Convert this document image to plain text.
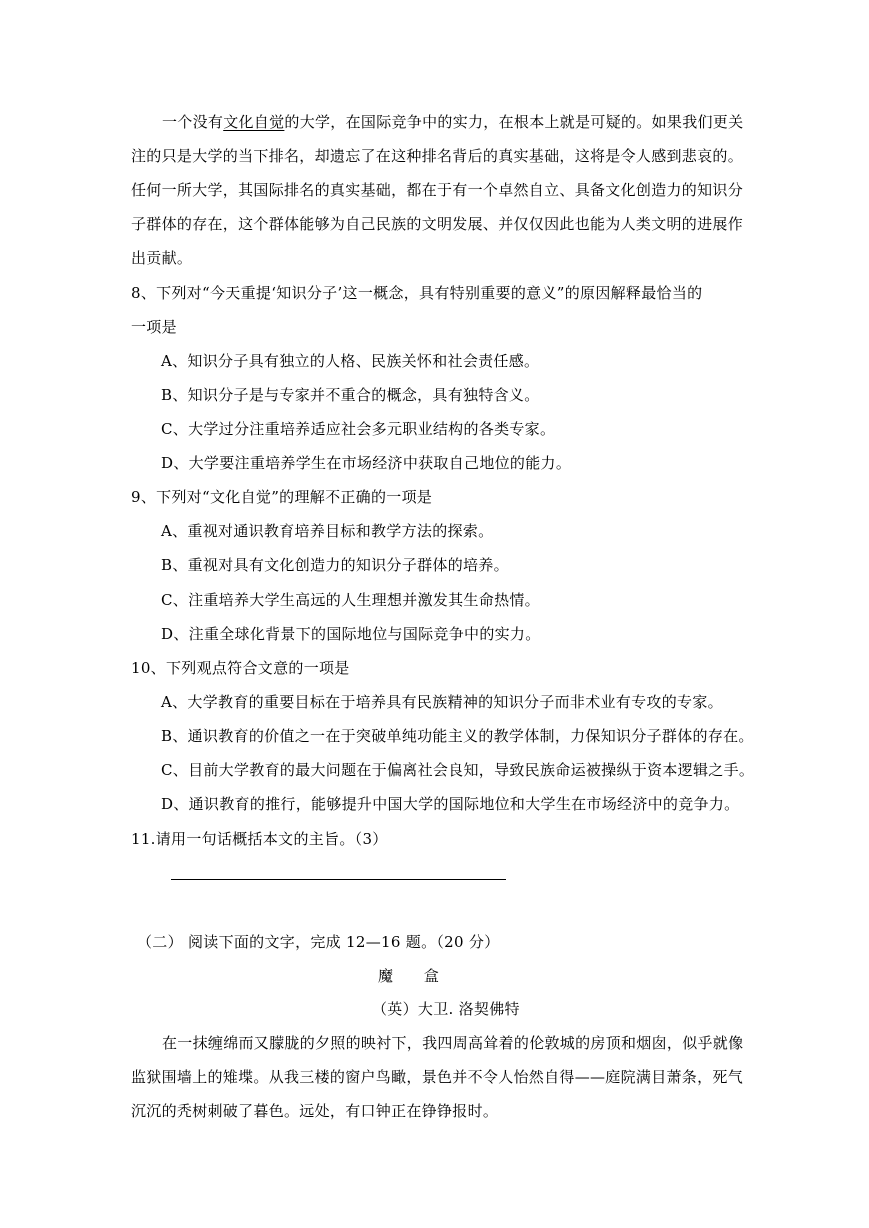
一个没有文化自觉的大学，在国际竞争中的实力，在根本上就是可疑的。如果我们更关
注的只是大学的当下排名，却遗忘了在这种排名背后的真实基础，这将是令人感到悲哀的。
任何一所大学，其国际排名的真实基础，都在于有一个卓然自立、具备文化创造力的知识分
子群体的存在，这个群体能够为自己民族的文明发展、并仅仅因此也能为人类文明的进展作
出贡献。
8、下列对“今天重提‘知识分子’这一概念，具有特别重要的意义”的原因解释最恰当的
一项是
A、知识分子具有独立的人格、民族关怀和社会责任感。
B、知识分子是与专家并不重合的概念，具有独特含义。
C、大学过分注重培养适应社会多元职业结构的各类专家。
D、大学要注重培养学生在市场经济中获取自己地位的能力。
9、下列对“文化自觉”的理解不正确的一项是
A、重视对通识教育培养目标和教学方法的探索。
B、重视对具有文化创造力的知识分子群体的培养。
C、注重培养大学生高远的人生理想并激发其生命热情。
D、注重全球化背景下的国际地位与国际竞争中的实力。
10、下列观点符合文意的一项是
A、大学教育的重要目标在于培养具有民族精神的知识分子而非术业有专攻的专家。
B、通识教育的价值之一在于突破单纯功能主义的教学体制，力保知识分子群体的存在。
C、目前大学教育的最大问题在于偏离社会良知，导致民族命运被操纵于资本逻辑之手。
D、通识教育的推行，能够提升中国大学的国际地位和大学生在市场经济中的竞争力。
11.请用一句话概括本文的主旨。（3）
（二） 阅读下面的文字，完成 12—16 题。（20 分）
魔　　盒
（英）大卫. 洛契佛特
在一抹缠绵而又朦胧的夕照的映衬下，我四周高耸着的伦敦城的房顶和烟囱，似乎就像
监狱围墙上的雉堞。从我三楼的窗户鸟瞰，景色并不令人怡然自得——庭院满目萧条，死气
沉沉的秃树刺破了暮色。远处，有口钟正在铮铮报时。
